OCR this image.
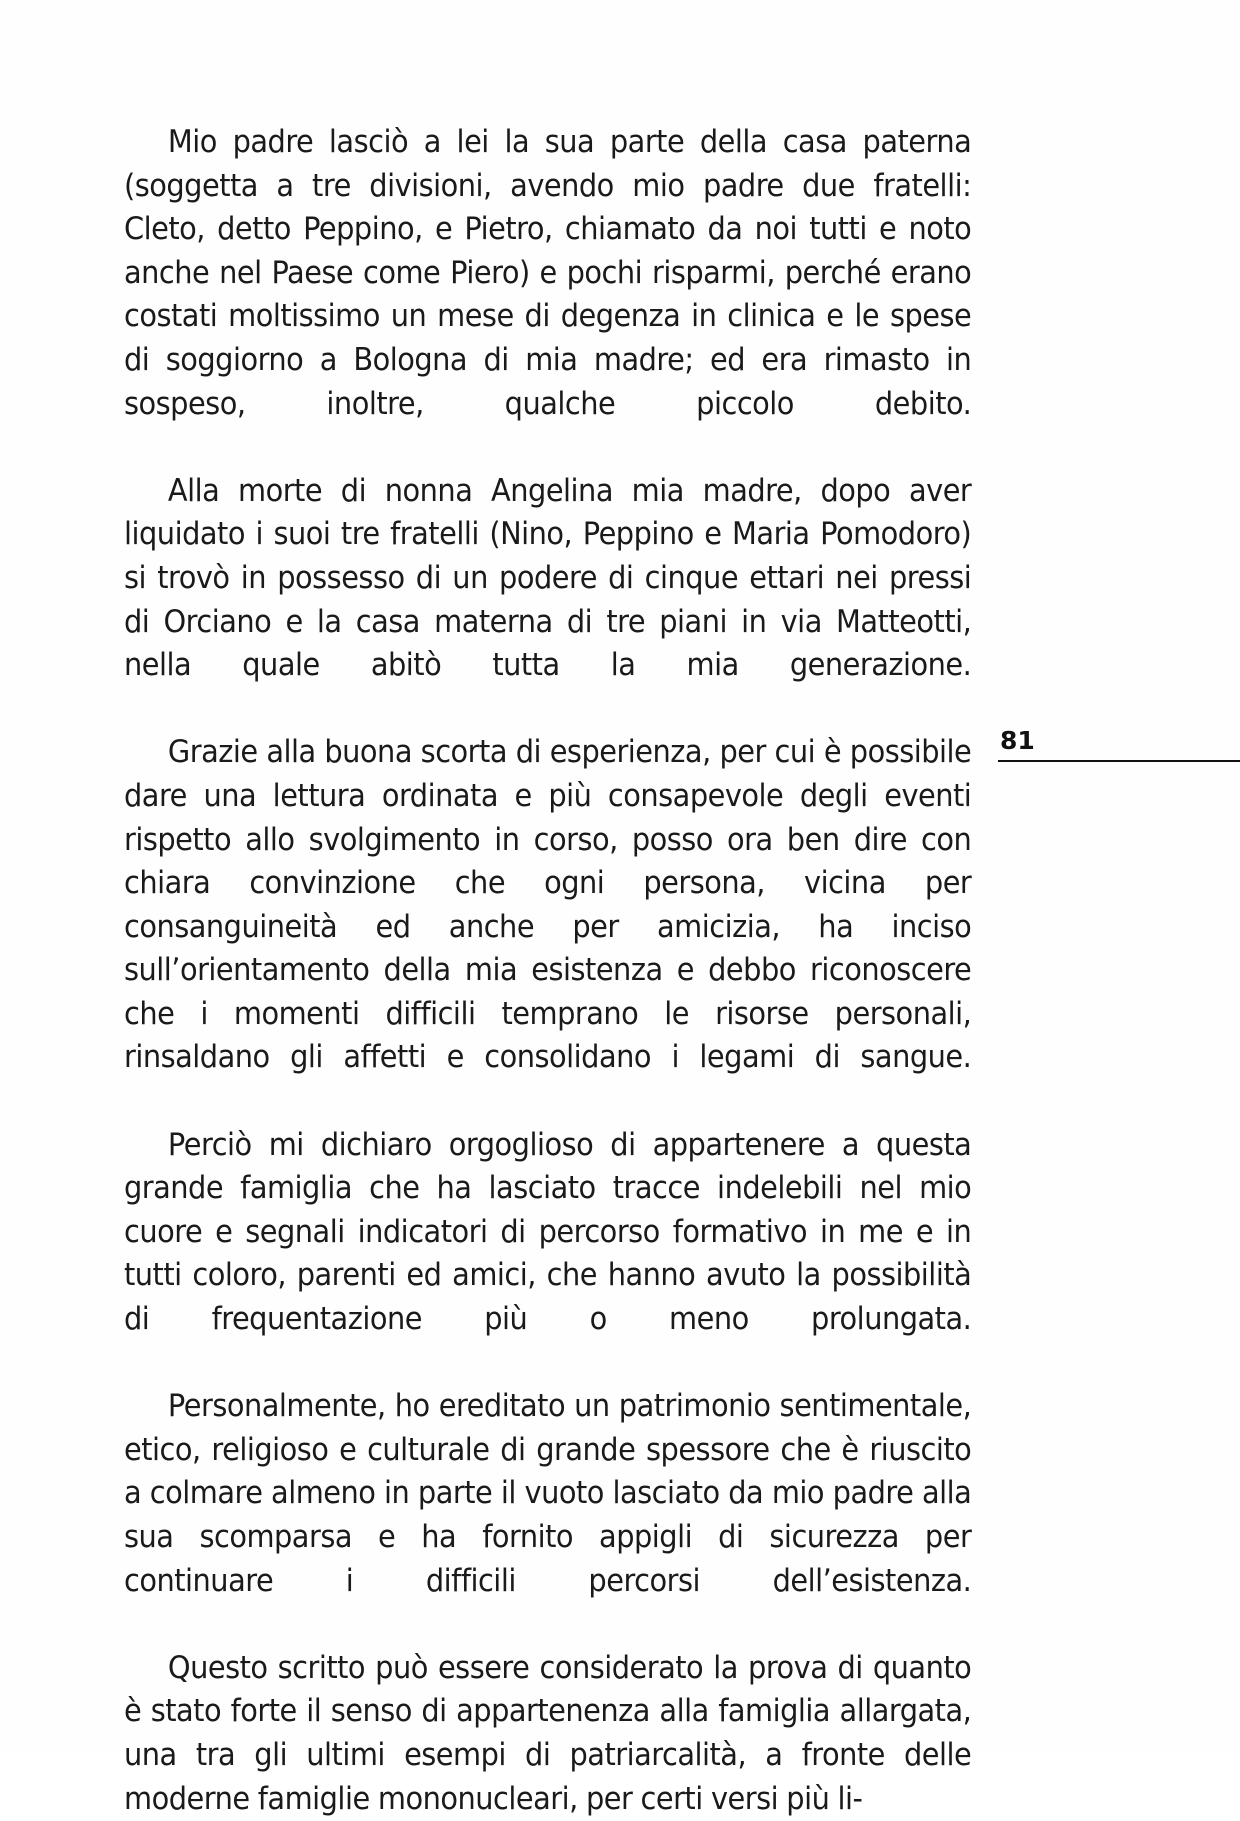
Mio padre lasciò a lei la sua parte della casa paterna (soggetta a tre divisioni, avendo mio padre due fratelli: Cleto, detto Peppino, e Pietro, chiamato da noi tutti e noto anche nel Paese come Piero) e pochi risparmi, perché erano costati moltissimo un mese di degenza in clinica e le spese di soggiorno a Bologna di mia madre; ed era rimasto in sospeso, inoltre, qualche piccolo debito.

Alla morte di nonna Angelina mia madre, dopo aver liquidato i suoi tre fratelli (Nino, Peppino e Maria Pomodoro) si trovò in possesso di un podere di cinque ettari nei pressi di Orciano e la casa materna di tre piani in via Matteotti, nella quale abitò tutta la mia generazione.

Grazie alla buona scorta di esperienza, per cui è possibile dare una lettura ordinata e più consapevole degli eventi rispetto allo svolgimento in corso, posso ora ben dire con chiara convinzione che ogni persona, vicina per consanguineità ed anche per amicizia, ha inciso sull’orientamento della mia esistenza e debbo riconoscere che i momenti difficili temprano le risorse personali, rinsaldano gli affetti e consolidano i legami di sangue.

Perciò mi dichiaro orgoglioso di appartenere a questa grande famiglia che ha lasciato tracce indelebili nel mio cuore e segnali indicatori di percorso formativo in me e in tutti coloro, parenti ed amici, che hanno avuto la possibilità di frequentazione più o meno prolungata.

Personalmente, ho ereditato un patrimonio sentimentale, etico, religioso e culturale di grande spessore che è riuscito a colmare almeno in parte il vuoto lasciato da mio padre alla sua scomparsa e ha fornito appigli di sicurezza per continuare i difficili percorsi dell’esistenza.

Questo scritto può essere considerato la prova di quanto è stato forte il senso di appartenenza alla famiglia allargata, una tra gli ultimi esempi di patriarcalità, a fronte delle moderne famiglie mononucleari, per certi versi più li-

81
